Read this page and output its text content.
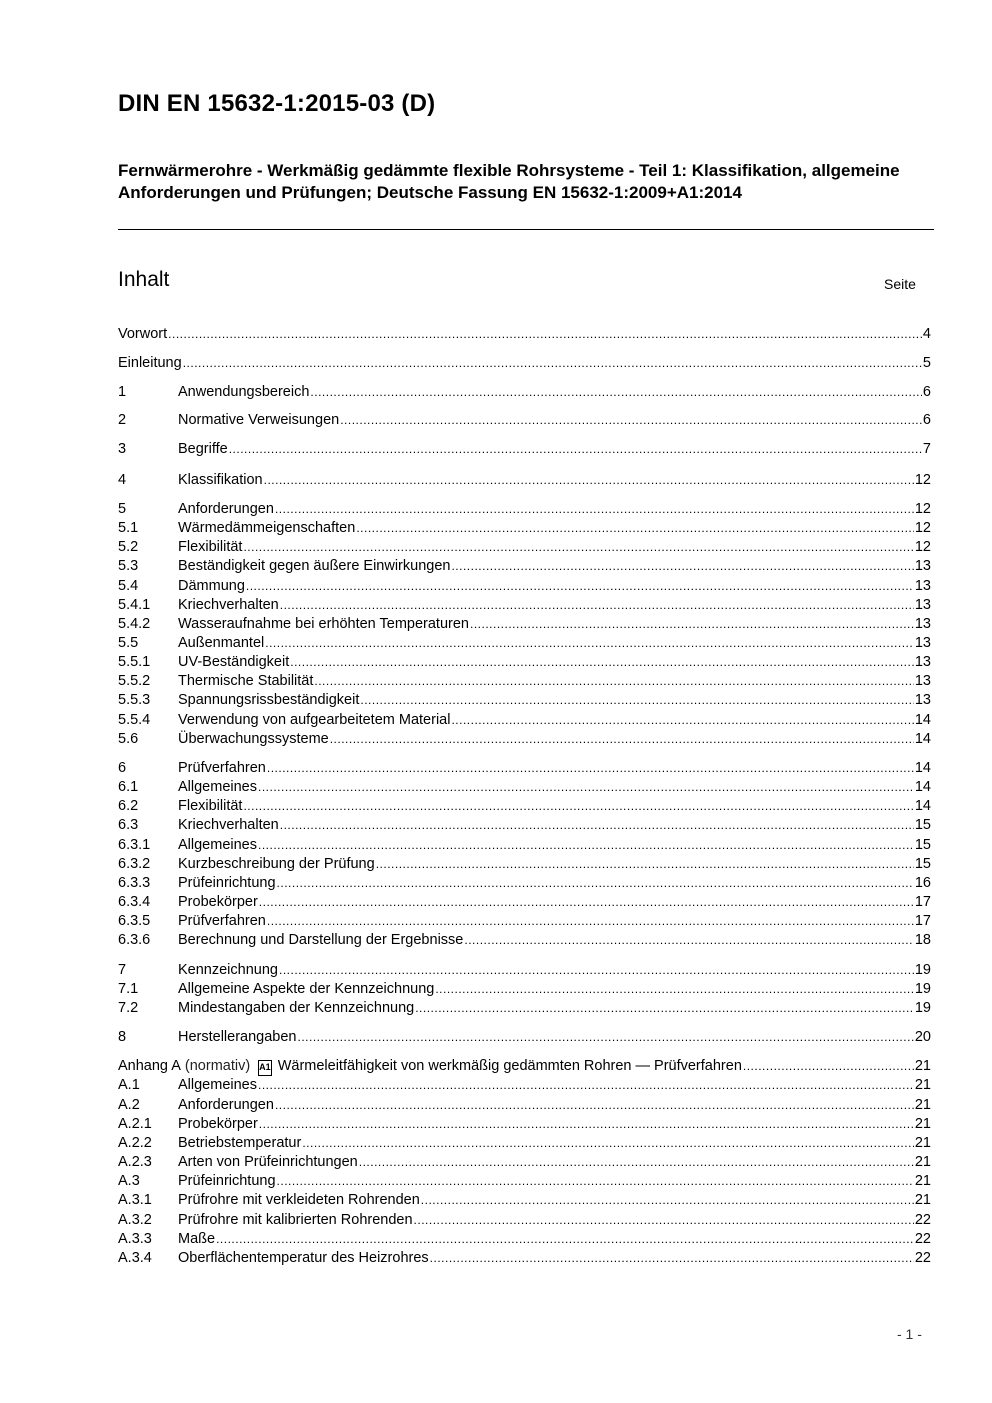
DIN EN 15632-1:2015-03 (D)
Fernwärmerohre - Werkmäßig gedämmte flexible Rohrsysteme - Teil 1: Klassifikation, allgemeine Anforderungen und Prüfungen; Deutsche Fassung EN 15632-1:2009+A1:2014
Inhalt	Seite
Vorwort .....	4
Einleitung .....	5
1	Anwendungsbereich .....	6
2	Normative Verweisungen .....	6
3	Begriffe .....	7
4	Klassifikation .....	12
5	Anforderungen .....	12
5.1	Wärmedämmeigenschaften .....	12
5.2	Flexibilität .....	12
5.3	Beständigkeit gegen äußere Einwirkungen .....	13
5.4	Dämmung .....	13
5.4.1	Kriechverhalten .....	13
5.4.2	Wasseraufnahme bei erhöhten Temperaturen .....	13
5.5	Außenmantel .....	13
5.5.1	UV-Beständigkeit .....	13
5.5.2	Thermische Stabilität .....	13
5.5.3	Spannungsrissbeständigkeit .....	13
5.5.4	Verwendung von aufgearbeitetem Material .....	14
5.6	Überwachungssysteme .....	14
6	Prüfverfahren .....	14
6.1	Allgemeines .....	14
6.2	Flexibilität .....	14
6.3	Kriechverhalten .....	15
6.3.1	Allgemeines .....	15
6.3.2	Kurzbeschreibung der Prüfung .....	15
6.3.3	Prüfeinrichtung .....	16
6.3.4	Probekörper .....	17
6.3.5	Prüfverfahren .....	17
6.3.6	Berechnung und Darstellung der Ergebnisse .....	18
7	Kennzeichnung .....	19
7.1	Allgemeine Aspekte der Kennzeichnung .....	19
7.2	Mindestangaben der Kennzeichnung .....	19
8	Herstellerangaben .....	20
Anhang A (normativ) A1 Wärmeleitfähigkeit von werkmäßig gedämmten Rohren — Prüfverfahren .....	21
A.1	Allgemeines .....	21
A.2	Anforderungen .....	21
A.2.1	Probekörper .....	21
A.2.2	Betriebstemperatur .....	21
A.2.3	Arten von Prüfeinrichtungen .....	21
A.3	Prüfeinrichtung .....	21
A.3.1	Prüfrohre mit verkleideten Rohrenden .....	21
A.3.2	Prüfrohre mit kalibrierten Rohrenden .....	22
A.3.3	Maße .....	22
A.3.4	Oberflächentemperatur des Heizrohres .....	22
- 1 -
